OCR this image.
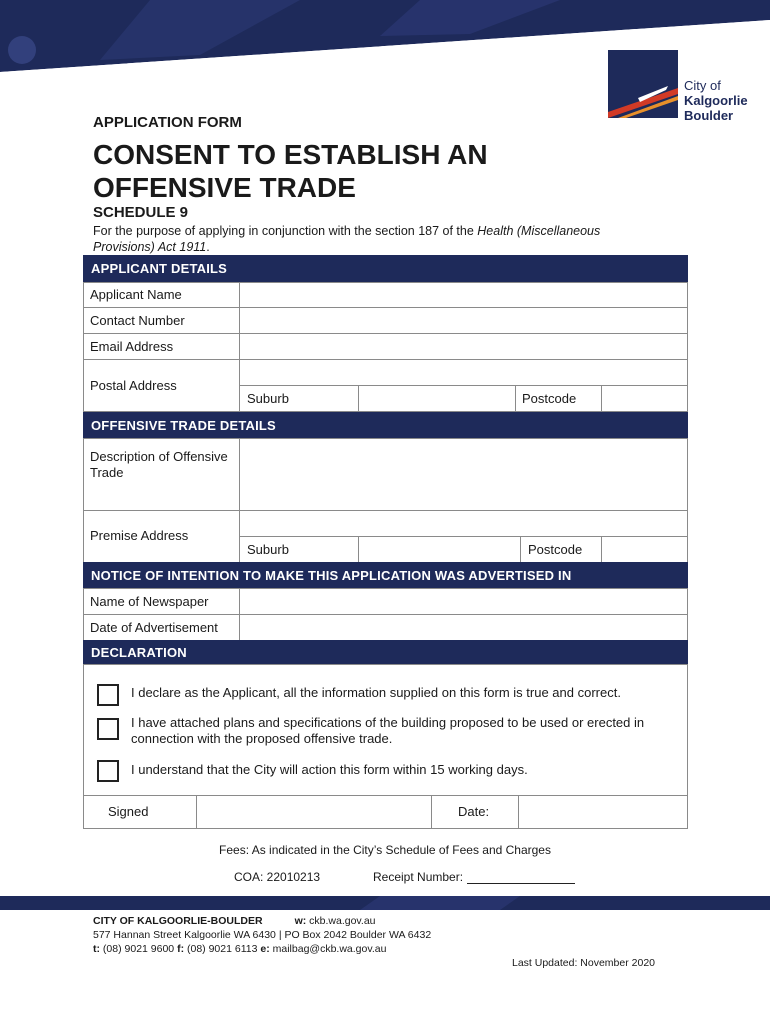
City of
Kalgoorlie
Boulder
APPLICATION FORM
CONSENT TO ESTABLISH AN OFFENSIVE TRADE
SCHEDULE 9
For the purpose of applying in conjunction with the section 187 of the Health (Miscellaneous Provisions) Act 1911.
APPLICANT DETAILS
Applicant Name
Contact Number
Email Address
Postal Address
Suburb	Postcode
OFFENSIVE TRADE DETAILS
Description of Offensive Trade
Premise Address
Suburb	Postcode
NOTICE OF INTENTION TO MAKE THIS APPLICATION WAS ADVERTISED IN
Name of Newspaper
Date of Advertisement
DECLARATION
I declare as the Applicant, all the information supplied on this form is true and correct.
I have attached plans and specifications of the building proposed to be used or erected in connection with the proposed offensive trade.
I understand that the City will action this form within 15 working days.
Signed	Date:
Fees: As indicated in the City’s Schedule of Fees and Charges
COA: 22010213	Receipt Number:
CITY OF KALGOORLIE-BOULDER	w: ckb.wa.gov.au
577 Hannan Street Kalgoorlie WA 6430 | PO Box 2042 Boulder WA 6432
t: (08) 9021 9600 f: (08) 9021 6113 e: mailbag@ckb.wa.gov.au
Last Updated: November 2020
